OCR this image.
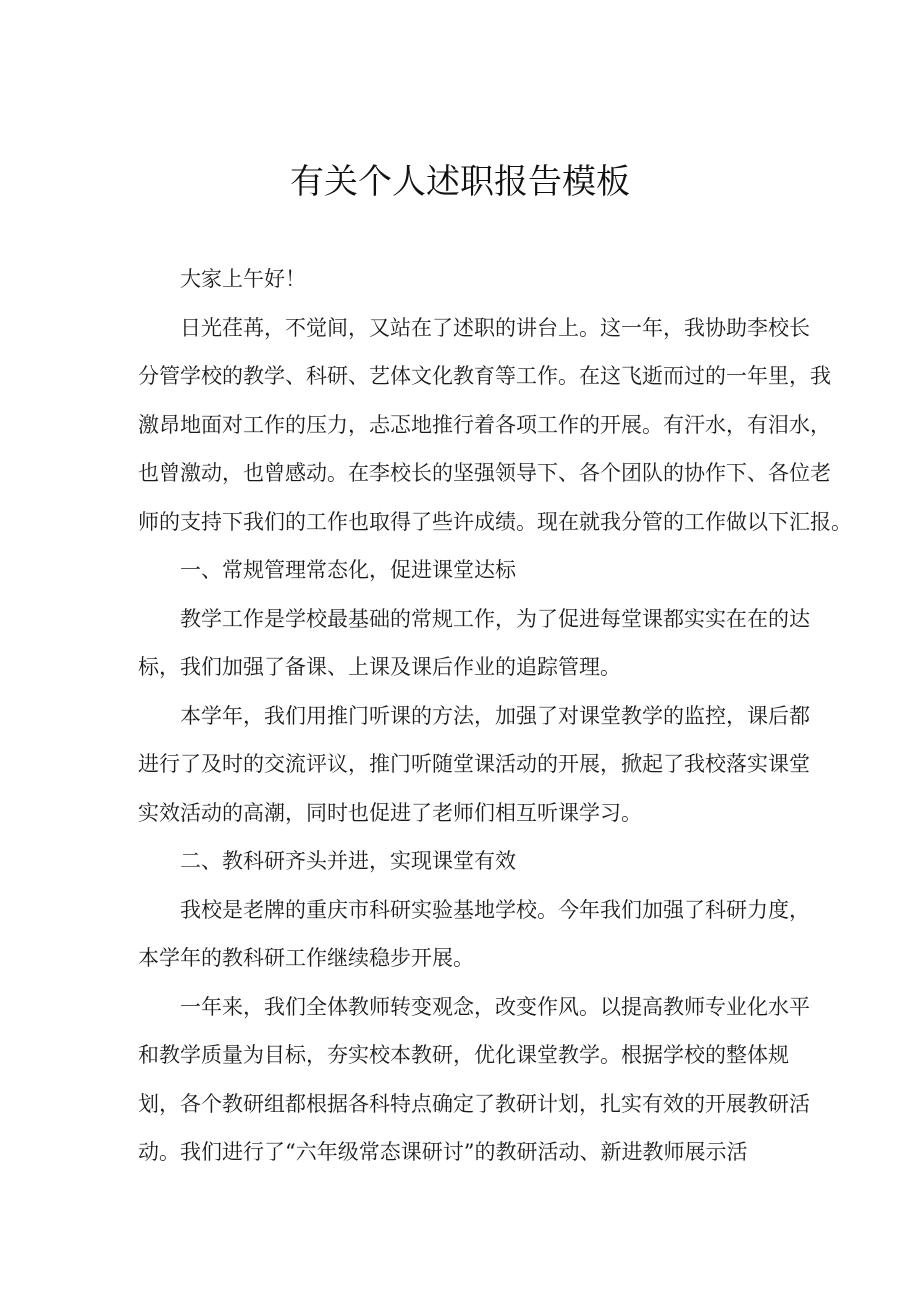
有关个人述职报告模板
大家上午好！
日光荏苒，不觉间，又站在了述职的讲台上。这一年，我协助李校长
分管学校的教学、科研、艺体文化教育等工作。在这飞逝而过的一年里，我
激昂地面对工作的压力，忐忑地推行着各项工作的开展。有汗水，有泪水，
也曾激动，也曾感动。在李校长的坚强领导下、各个团队的协作下、各位老
师的支持下我们的工作也取得了些许成绩。现在就我分管的工作做以下汇报。
一、常规管理常态化，促进课堂达标
教学工作是学校最基础的常规工作，为了促进每堂课都实实在在的达
标，我们加强了备课、上课及课后作业的追踪管理。
本学年，我们用推门听课的方法，加强了对课堂教学的监控，课后都
进行了及时的交流评议，推门听随堂课活动的开展，掀起了我校落实课堂
实效活动的高潮，同时也促进了老师们相互听课学习。
二、教科研齐头并进，实现课堂有效
我校是老牌的重庆市科研实验基地学校。今年我们加强了科研力度，
本学年的教科研工作继续稳步开展。
一年来，我们全体教师转变观念，改变作风。以提高教师专业化水平
和教学质量为目标，夯实校本教研，优化课堂教学。根据学校的整体规
划，各个教研组都根据各科特点确定了教研计划，扎实有效的开展教研活
动。我们进行了“六年级常态课研讨”的教研活动、新进教师展示活
